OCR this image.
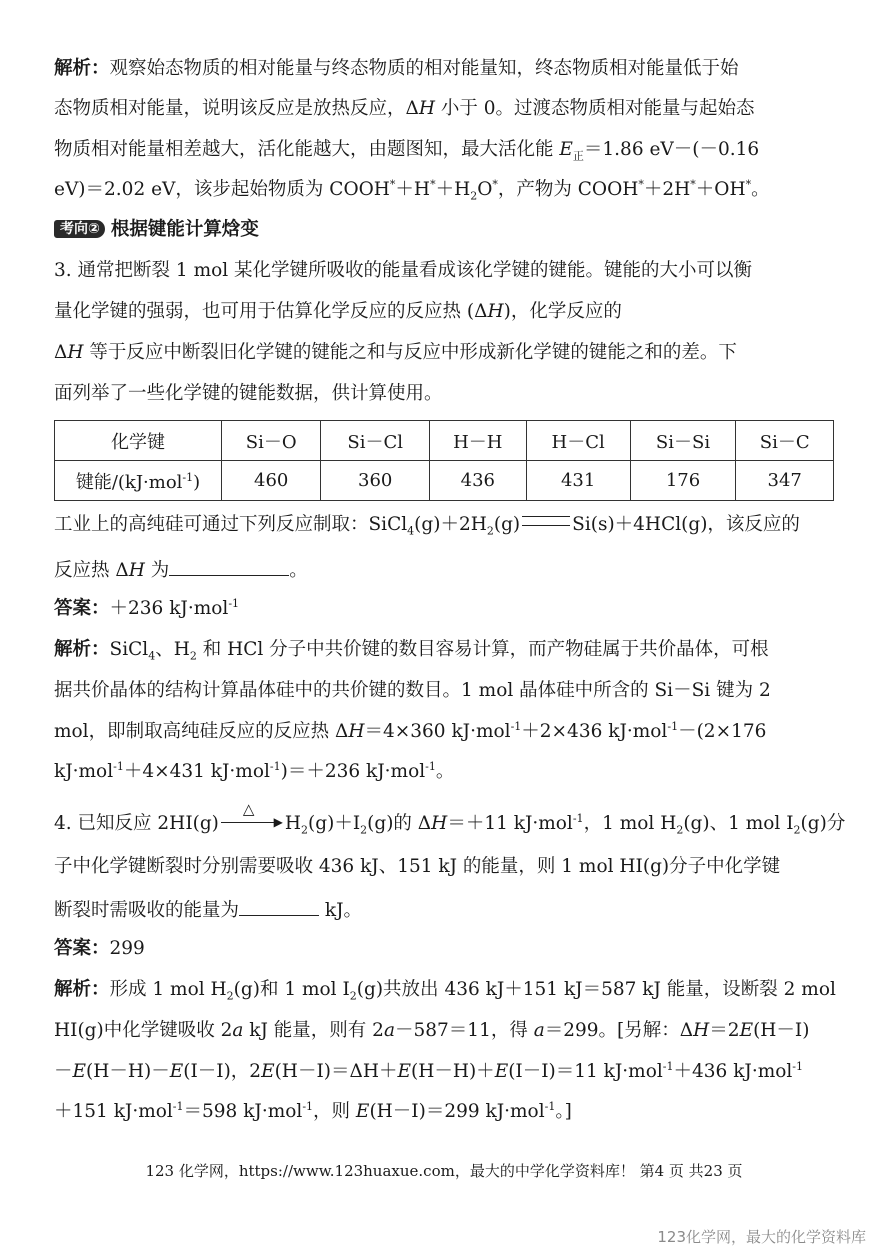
解析：观察始态物质的相对能量与终态物质的相对能量知，终态物质相对能量低于始
态物质相对能量，说明该反应是放热反应，ΔH 小于 0。过渡态物质相对能量与起始态
物质相对能量相差越大，活化能越大，由题图知，最大活化能 $E_正=1.86$ eV－(－0.16
eV)＝2.02 eV，该步起始物质为 $COOH^*+H^*+H_2O^*$，产物为 COOH*＋2H*＋OH*。
考向② 根据键能计算焓变
3. 通常把断裂 1 mol 某化学键所吸收的能量看成该化学键的键能。键能的大小可以衡
量化学键的强弱，也可用于估算化学反应的反应热 (ΔH)，化学反应的
ΔH 等于反应中断裂旧化学键的键能之和与反应中形成新化学键的键能之和的差。下
面列举了一些化学键的键能数据，供计算使用。
化学键	Si－O	Si－Cl	H－H	H－Cl	Si－Si	Si－C
键能/(kJ·mol$^{-1}$)	460	360	436	431	176	347
工业上的高纯硅可通过下列反应制取：$SiCl_4(g)+2H_2(g)$	Si(s)＋4HCl(g)，该反应的
反应热 ΔH 为	。
答案：＋236 kJ·mol$^{-1}$
解析：SiCl$_4$、$H_2$ 和 HCl 分子中共价键的数目容易计算，而产物硅属于共价晶体，可根
据共价晶体的结构计算晶体硅中的共价键的数目。1 mol 晶体硅中所含的 Si－Si 键为 2
mol，即制取高纯硅反应的反应热 ΔH＝4×360 kJ·mol$^{-1}$＋2×436 kJ·mol$^{-1}$－(2×176
kJ·mol$^{-1}$＋4×431 kJ·mol$^{-1}$)＝＋236 kJ·mol$^{-1}$。
4. 已知反应 2HI(g)
△
▶ $H_2(g)+I_2(g)$的 ΔH＝＋11 kJ·mol$^{-1}$，1 mol $H_2(g)$、1 mol $I_2(g)$分
子中化学键断裂时分别需要吸收 436 kJ、151 kJ 的能量，则 1 mol HI(g)分子中化学键
断裂时需吸收的能量为	kJ。
答案：299
解析：形成 1 mol $H_2(g)$和 1 mol $I_2(g)$共放出 436 kJ＋151 kJ＝587 kJ 能量，设断裂 2 mol
HI(g)中化学键吸收 2a kJ 能量，则有 2a－587＝11，得 a＝299。[另解：ΔH＝2E(H－I)
－E(H－H)－E(I－I)，2E(H－I)＝ΔH＋E(H－H)＋E(I－I)＝11 kJ·mol$^{-1}$＋436 kJ·mol$^{-1}$
＋151 kJ·mol$^{-1}$＝598 kJ·mol$^{-1}$，则 E(H－I)＝299 kJ·mol$^{-1}$。]
123 化学网，https://www.123huaxue.com，最大的中学化学资料库！ 第4 页 共23 页
123化学网，最大的化学资料库
